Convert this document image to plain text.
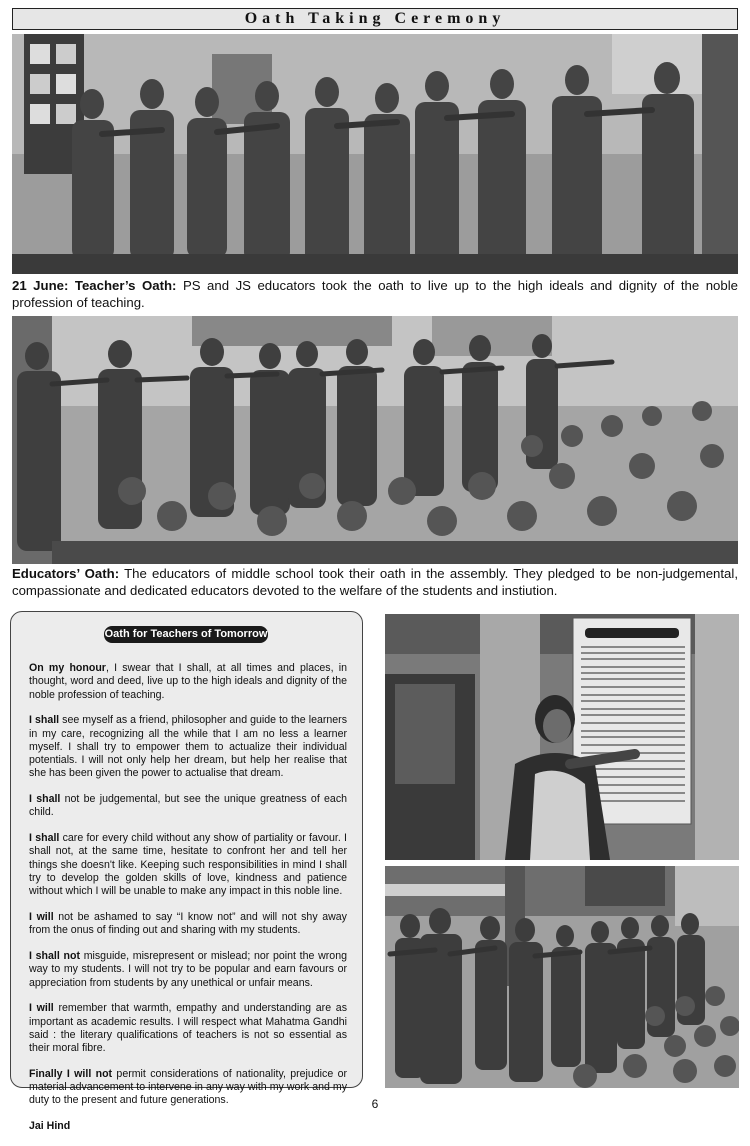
Oath Taking Ceremony
21 June: Teacher’s Oath: PS and JS educators took the oath to live up to the high ideals and dignity of the noble profession of teaching.
Educators’ Oath: The educators of middle school took their oath in the assembly. They pledged to be non-judgemental, compassionate and dedicated educators devoted to the welfare of the students and instiution.
Oath for Teachers of Tomorrow

On my honour, I swear that I shall, at all times and places, in thought, word and deed, live up to the high ideals and dignity of the noble profession of teaching.

I shall see myself as a friend, philosopher and guide to the learners in my care, recognizing all the while that I am no less a learner myself. I shall try to empower them to actualize their individual potentials. I will not only help her dream, but help her realise that she has been given the power to actualise that dream.

I shall not be judgemental, but see the unique greatness of each child.

I shall care for every child without any show of partiality or favour. I shall not, at the same time, hesitate to confront her and tell her things she doesn't like. Keeping such responsibilities in mind I shall try to develop the golden skills of love, kindness and patience without which I will be unable to make any impact in this noble line.

I will not be ashamed to say “I know not” and will not shy away from the onus of finding out and sharing with my students.

I shall not misguide, misrepresent or mislead; nor point the wrong way to my students. I will not try to be popular and earn favours or appreciation from students by any unethical or unfair means.

I will remember that warmth, empathy and understanding are as important as academic results. I will respect what Mahatma Gandhi said : the literary qualifications of teachers is not so essential as their moral fibre.

Finally I will not permit considerations of nationality, prejudice or material advancement to intervene in any way with my work and my duty to the present and future generations.

Jai Hind

6
